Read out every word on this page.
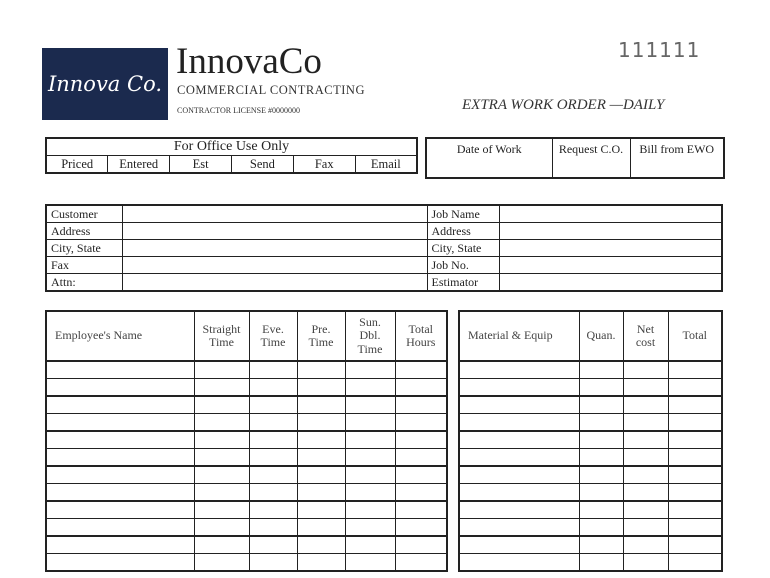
Innova Co.
InnovaCo
COMMERCIAL CONTRACTING
CONTRACTOR LICENSE #0000000
111111
EXTRA WORK ORDER —DAILY
For Office Use Only
Priced	Entered	Est	Send	Fax	Email
Date of Work	Request C.O.	Bill from EWO
Customer		Job Name	
Address		Address	
City, State		City, State	
Fax		Job No.	
Attn:		Estimator	
Employee's Name	Straight Time	Eve. Time	Pre. Time	Sun. Dbl. Time	Total Hours

						Material & Equip	Quan.	Net cost	Total
